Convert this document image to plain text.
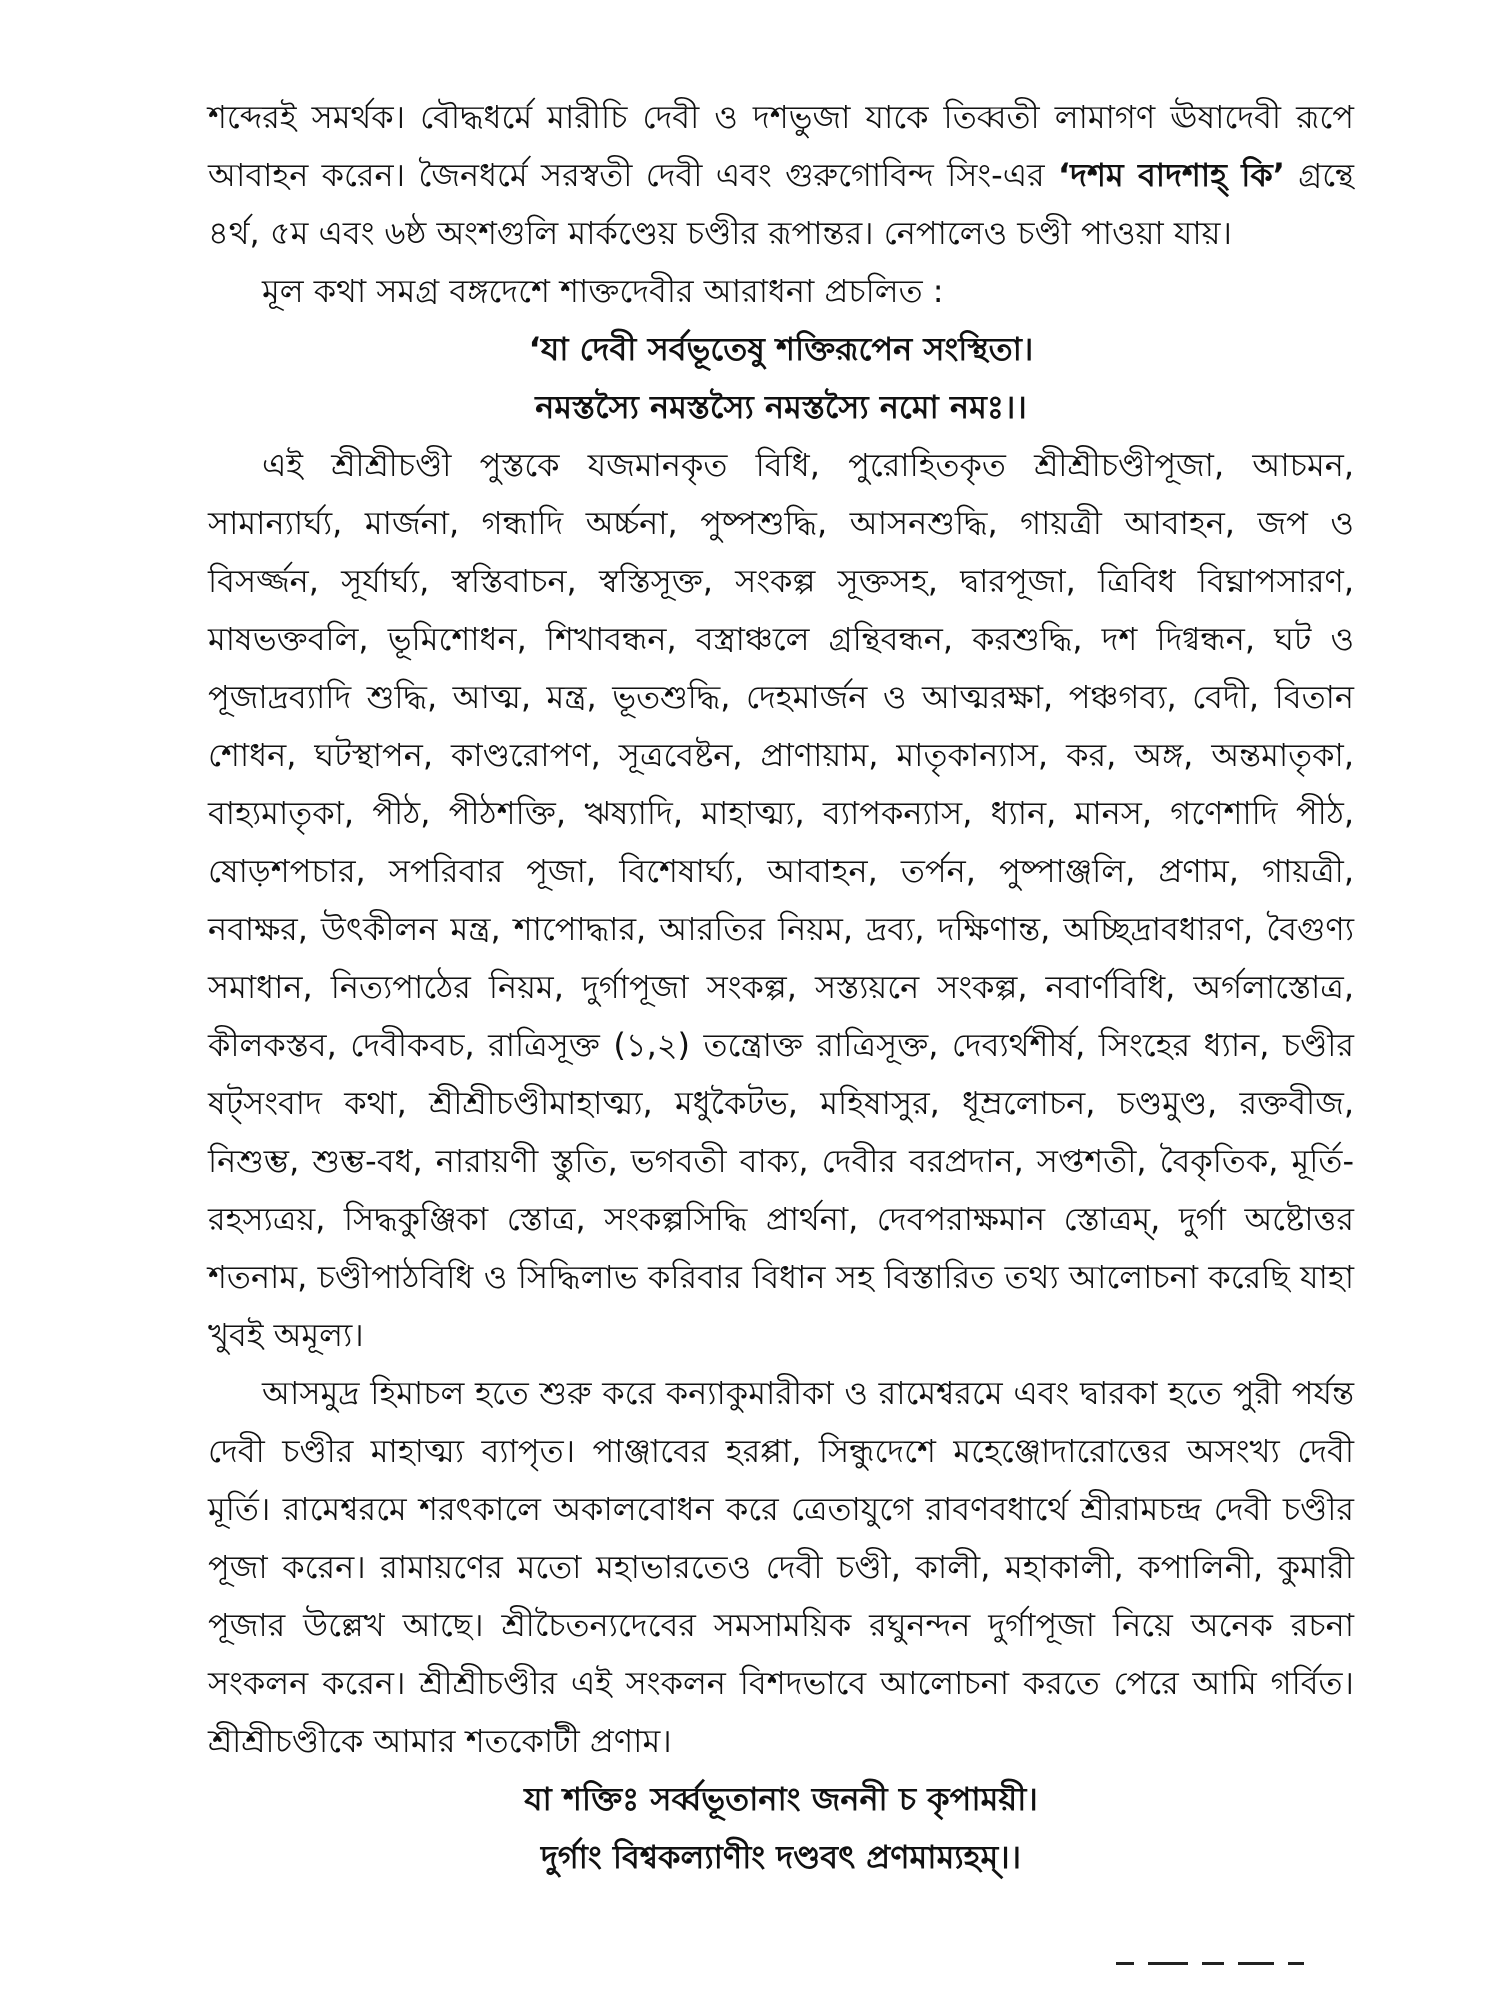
শব্দেরই সমর্থক। বৌদ্ধধর্মে মারীচি দেবী ও দশভুজা যাকে তিব্বতী লামাগণ ঊষাদেবী রূপে আবাহন করেন। জৈনধর্মে সরস্বতী দেবী এবং গুরুগোবিন্দ সিং-এর ‘দশম বাদশাহ্ কি’ গ্রন্থে ৪র্থ, ৫ম এবং ৬ষ্ঠ অংশগুলি মার্কণ্ডেয় চণ্ডীর রূপান্তর। নেপালেও চণ্ডী পাওয়া যায়।

মূল কথা সমগ্র বঙ্গদেশে শাক্তদেবীর আরাধনা প্রচলিত :

‘যা দেবী সর্বভূতেষু শক্তিরূপেন সংস্থিতা।

নমস্তস্যৈ নমস্তস্যৈ নমস্তস্যৈ নমো নমঃ।।

এই শ্রীশ্রীচণ্ডী পুস্তকে যজমানকৃত বিধি, পুরোহিতকৃত শ্রীশ্রীচণ্ডীপূজা, আচমন, সামান্যার্ঘ্য, মার্জনা, গন্ধাদি অর্চ্চনা, পুষ্পশুদ্ধি, আসনশুদ্ধি, গায়ত্রী আবাহন, জপ ও বিসর্জ্জন, সূর্যার্ঘ্য, স্বস্তিবাচন, স্বস্তিসূক্ত, সংকল্প সূক্তসহ, দ্বারপূজা, ত্রিবিধ বিঘ্নাপসারণ, মাষভক্তবলি, ভূমিশোধন, শিখাবন্ধন, বস্ত্রাঞ্চলে গ্রন্থিবন্ধন, করশুদ্ধি, দশ দিগ্বন্ধন, ঘট ও পূজাদ্রব্যাদি শুদ্ধি, আত্ম, মন্ত্র, ভূতশুদ্ধি, দেহমার্জন ও আত্মরক্ষা, পঞ্চগব্য, বেদী, বিতান শোধন, ঘটস্থাপন, কাণ্ডরোপণ, সূত্রবেষ্টন, প্রাণায়াম, মাতৃকান্যাস, কর, অঙ্গ, অন্তমাতৃকা, বাহ্যমাতৃকা, পীঠ, পীঠশক্তি, ঋষ্যাদি, মাহাত্ম্য, ব্যাপকন্যাস, ধ্যান, মানস, গণেশাদি পীঠ, ষোড়শপচার, সপরিবার পূজা, বিশেষার্ঘ্য, আবাহন, তর্পন, পুষ্পাঞ্জলি, প্রণাম, গায়ত্রী, নবাক্ষর, উৎকীলন মন্ত্র, শাপোদ্ধার, আরতির নিয়ম, দ্রব্য, দক্ষিণান্ত, অচ্ছিদ্রাবধারণ, বৈগুণ্য সমাধান, নিত্যপাঠের নিয়ম, দুর্গাপূজা সংকল্প, সস্ত্যয়নে সংকল্প, নবার্ণবিধি, অর্গলাস্তোত্র, কীলকস্তব, দেবীকবচ, রাত্রিসূক্ত (১,২) তন্ত্রোক্ত রাত্রিসূক্ত, দেব্যর্থশীর্ষ, সিংহের ধ্যান, চণ্ডীর ষট্‌সংবাদ কথা, শ্রীশ্রীচণ্ডীমাহাত্ম্য, মধুকৈটভ, মহিষাসুর, ধূম্রলোচন, চণ্ডমুণ্ড, রক্তবীজ, নিশুম্ভ, শুম্ভ-বধ, নারায়ণী স্তুতি, ভগবতী বাক্য, দেবীর বরপ্রদান, সপ্তশতী, বৈকৃতিক, মূর্তি-রহস্যত্রয়, সিদ্ধকুঞ্জিকা স্তোত্র, সংকল্পসিদ্ধি প্রার্থনা, দেবপরাক্ষমান স্তোত্রম্, দুর্গা অষ্টোত্তর শতনাম, চণ্ডীপাঠবিধি ও সিদ্ধিলাভ করিবার বিধান সহ বিস্তারিত তথ্য আলোচনা করেছি যাহা খুবই অমূল্য।

আসমুদ্র হিমাচল হতে শুরু করে কন্যাকুমারীকা ও রামেশ্বরমে এবং দ্বারকা হতে পুরী পর্যন্ত দেবী চণ্ডীর মাহাত্ম্য ব্যাপৃত। পাঞ্জাবের হরপ্পা, সিন্ধুদেশে মহেঞ্জোদারোত্তের অসংখ্য দেবী মূর্তি। রামেশ্বরমে শরৎকালে অকালবোধন করে ত্রেতাযুগে রাবণবধার্থে শ্রীরামচন্দ্র দেবী চণ্ডীর পূজা করেন। রামায়ণের মতো মহাভারতেও দেবী চণ্ডী, কালী, মহাকালী, কপালিনী, কুমারী পূজার উল্লেখ আছে। শ্রীচৈতন্যদেবের সমসাময়িক রঘুনন্দন দুর্গাপূজা নিয়ে অনেক রচনা সংকলন করেন। শ্রীশ্রীচণ্ডীর এই সংকলন বিশদভাবে আলোচনা করতে পেরে আমি গর্বিত। শ্রীশ্রীচণ্ডীকে আমার শতকোটী প্রণাম।

যা শক্তিঃ সর্ব্বভূতানাং জননী চ কৃপাময়ী।

দুর্গাং বিশ্বকল্যাণীং দণ্ডবৎ প্রণমাম্যহম্।।
